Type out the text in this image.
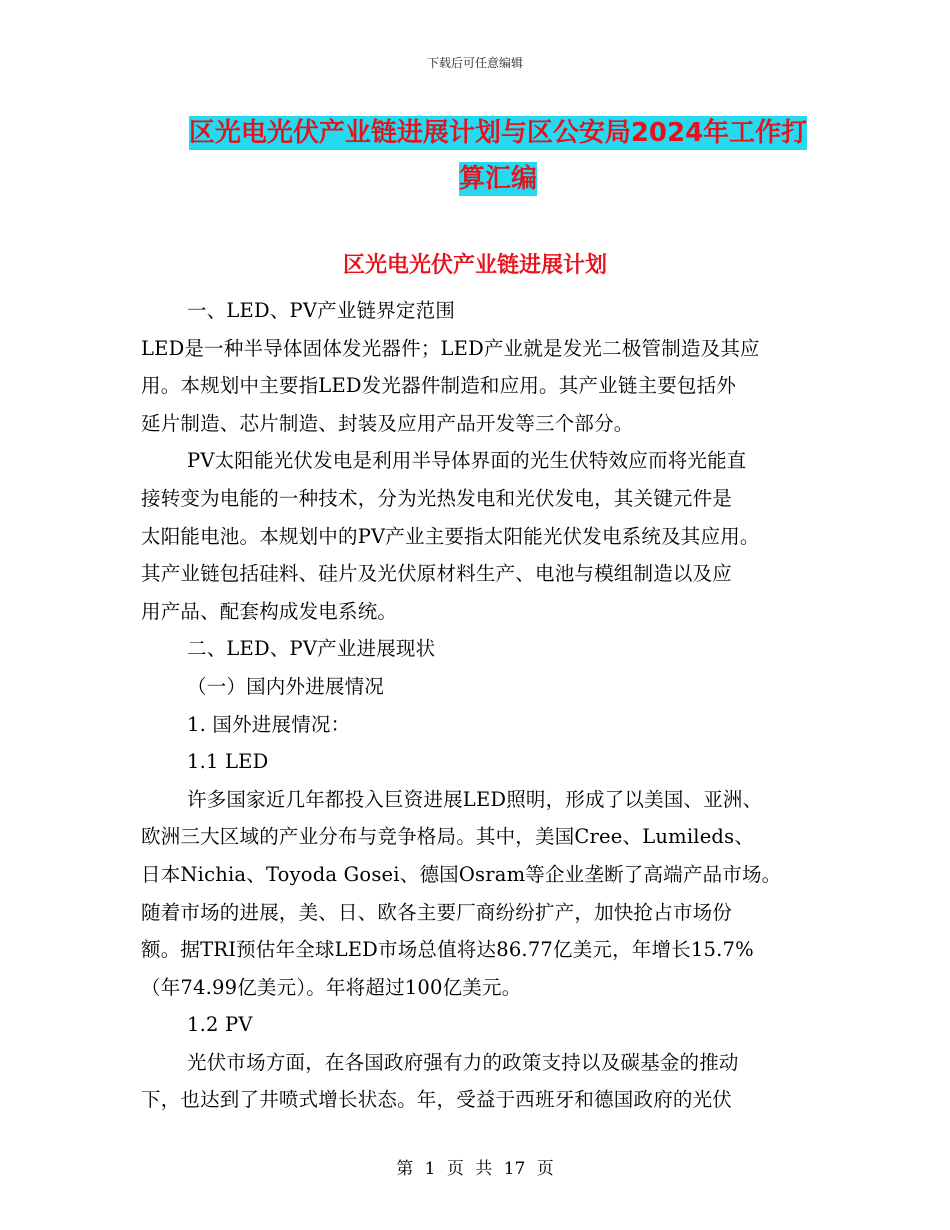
下载后可任意编辑
区光电光伏产业链进展计划与区公安局2024年工作打
算汇编
区光电光伏产业链进展计划

一、LED、PV产业链界定范围

LED是一种半导体固体发光器件；LED产业就是发光二极管制造及其应

用。本规划中主要指LED发光器件制造和应用。其产业链主要包括外

延片制造、芯片制造、封装及应用产品开发等三个部分。

PV太阳能光伏发电是利用半导体界面的光生伏特效应而将光能直

接转变为电能的一种技术，分为光热发电和光伏发电，其关键元件是

太阳能电池。本规划中的PV产业主要指太阳能光伏发电系统及其应用。

其产业链包括硅料、硅片及光伏原材料生产、电池与模组制造以及应

用产品、配套构成发电系统。

二、LED、PV产业进展现状

（一）国内外进展情况

1. 国外进展情况：

1.1 LED

许多国家近几年都投入巨资进展LED照明，形成了以美国、亚洲、

欧洲三大区域的产业分布与竞争格局。其中，美国Cree、Lumileds、

日本Nichia、Toyoda Gosei、德国Osram等企业垄断了高端产品市场。

随着市场的进展，美、日、欧各主要厂商纷纷扩产，加快抢占市场份

额。据TRI预估年全球LED市场总值将达86.77亿美元，年增长15.7%

（年74.99亿美元）。年将超过100亿美元。

1.2 PV

光伏市场方面，在各国政府强有力的政策支持以及碳基金的推动

下，也达到了井喷式增长状态。年，受益于西班牙和德国政府的光伏

第 1 页 共 17 页
